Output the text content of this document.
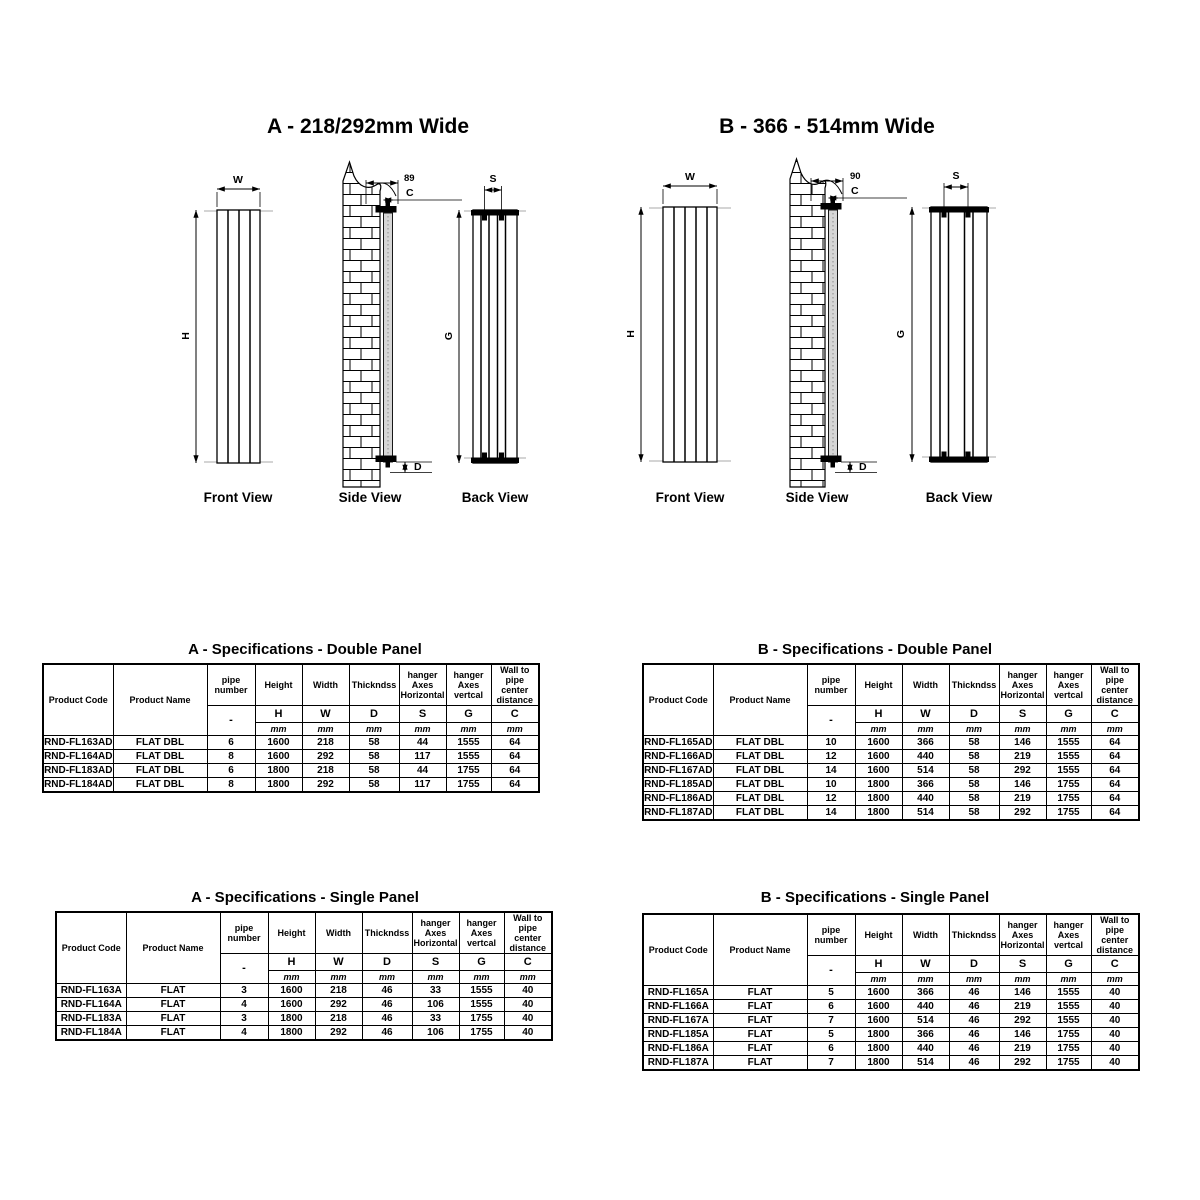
A - 218/292mm Wide	B - 366 - 514mm Wide
W
H
89
C
D
S
G
Front View	Side View	Back View
W
H
90
C
D
S
G
Front View	Side View	Back View
A - Specifications - Double Panel	B - Specifications - Double Panel
A - Specifications - Single Panel	B - Specifications - Single Panel
Product Code	Product Name	pipe number	Height	Width	Thickndss	hanger Axes Horizontal	hanger Axes vertcal	Wall to pipe center distance
		-	H	W	D	S	G	C
			mm	mm	mm	mm	mm	mm
RND-FL163AD	FLAT DBL	6	1600	218	58	44	1555	64
RND-FL164AD	FLAT DBL	8	1600	292	58	117	1555	64
RND-FL183AD	FLAT DBL	6	1800	218	58	44	1755	64
RND-FL184AD	FLAT DBL	8	1800	292	58	117	1755	64
Product Code	Product Name	pipe number	Height	Width	Thickndss	hanger Axes Horizontal	hanger Axes vertcal	Wall to pipe center distance
		-	H	W	D	S	G	C
			mm	mm	mm	mm	mm	mm
RND-FL165AD	FLAT DBL	10	1600	366	58	146	1555	64
RND-FL166AD	FLAT DBL	12	1600	440	58	219	1555	64
RND-FL167AD	FLAT DBL	14	1600	514	58	292	1555	64
RND-FL185AD	FLAT DBL	10	1800	366	58	146	1755	64
RND-FL186AD	FLAT DBL	12	1800	440	58	219	1755	64
RND-FL187AD	FLAT DBL	14	1800	514	58	292	1755	64
Product Code	Product Name	pipe number	Height	Width	Thickndss	hanger Axes Horizontal	hanger Axes vertcal	Wall to pipe center distance
		-	H	W	D	S	G	C
			mm	mm	mm	mm	mm	mm
RND-FL163A	FLAT	3	1600	218	46	33	1555	40
RND-FL164A	FLAT	4	1600	292	46	106	1555	40
RND-FL183A	FLAT	3	1800	218	46	33	1755	40
RND-FL184A	FLAT	4	1800	292	46	106	1755	40
Product Code	Product Name	pipe number	Height	Width	Thickndss	hanger Axes Horizontal	hanger Axes vertcal	Wall to pipe center distance
		-	H	W	D	S	G	C
			mm	mm	mm	mm	mm	mm
RND-FL165A	FLAT	5	1600	366	46	146	1555	40
RND-FL166A	FLAT	6	1600	440	46	219	1555	40
RND-FL167A	FLAT	7	1600	514	46	292	1555	40
RND-FL185A	FLAT	5	1800	366	46	146	1755	40
RND-FL186A	FLAT	6	1800	440	46	219	1755	40
RND-FL187A	FLAT	7	1800	514	46	292	1755	40
